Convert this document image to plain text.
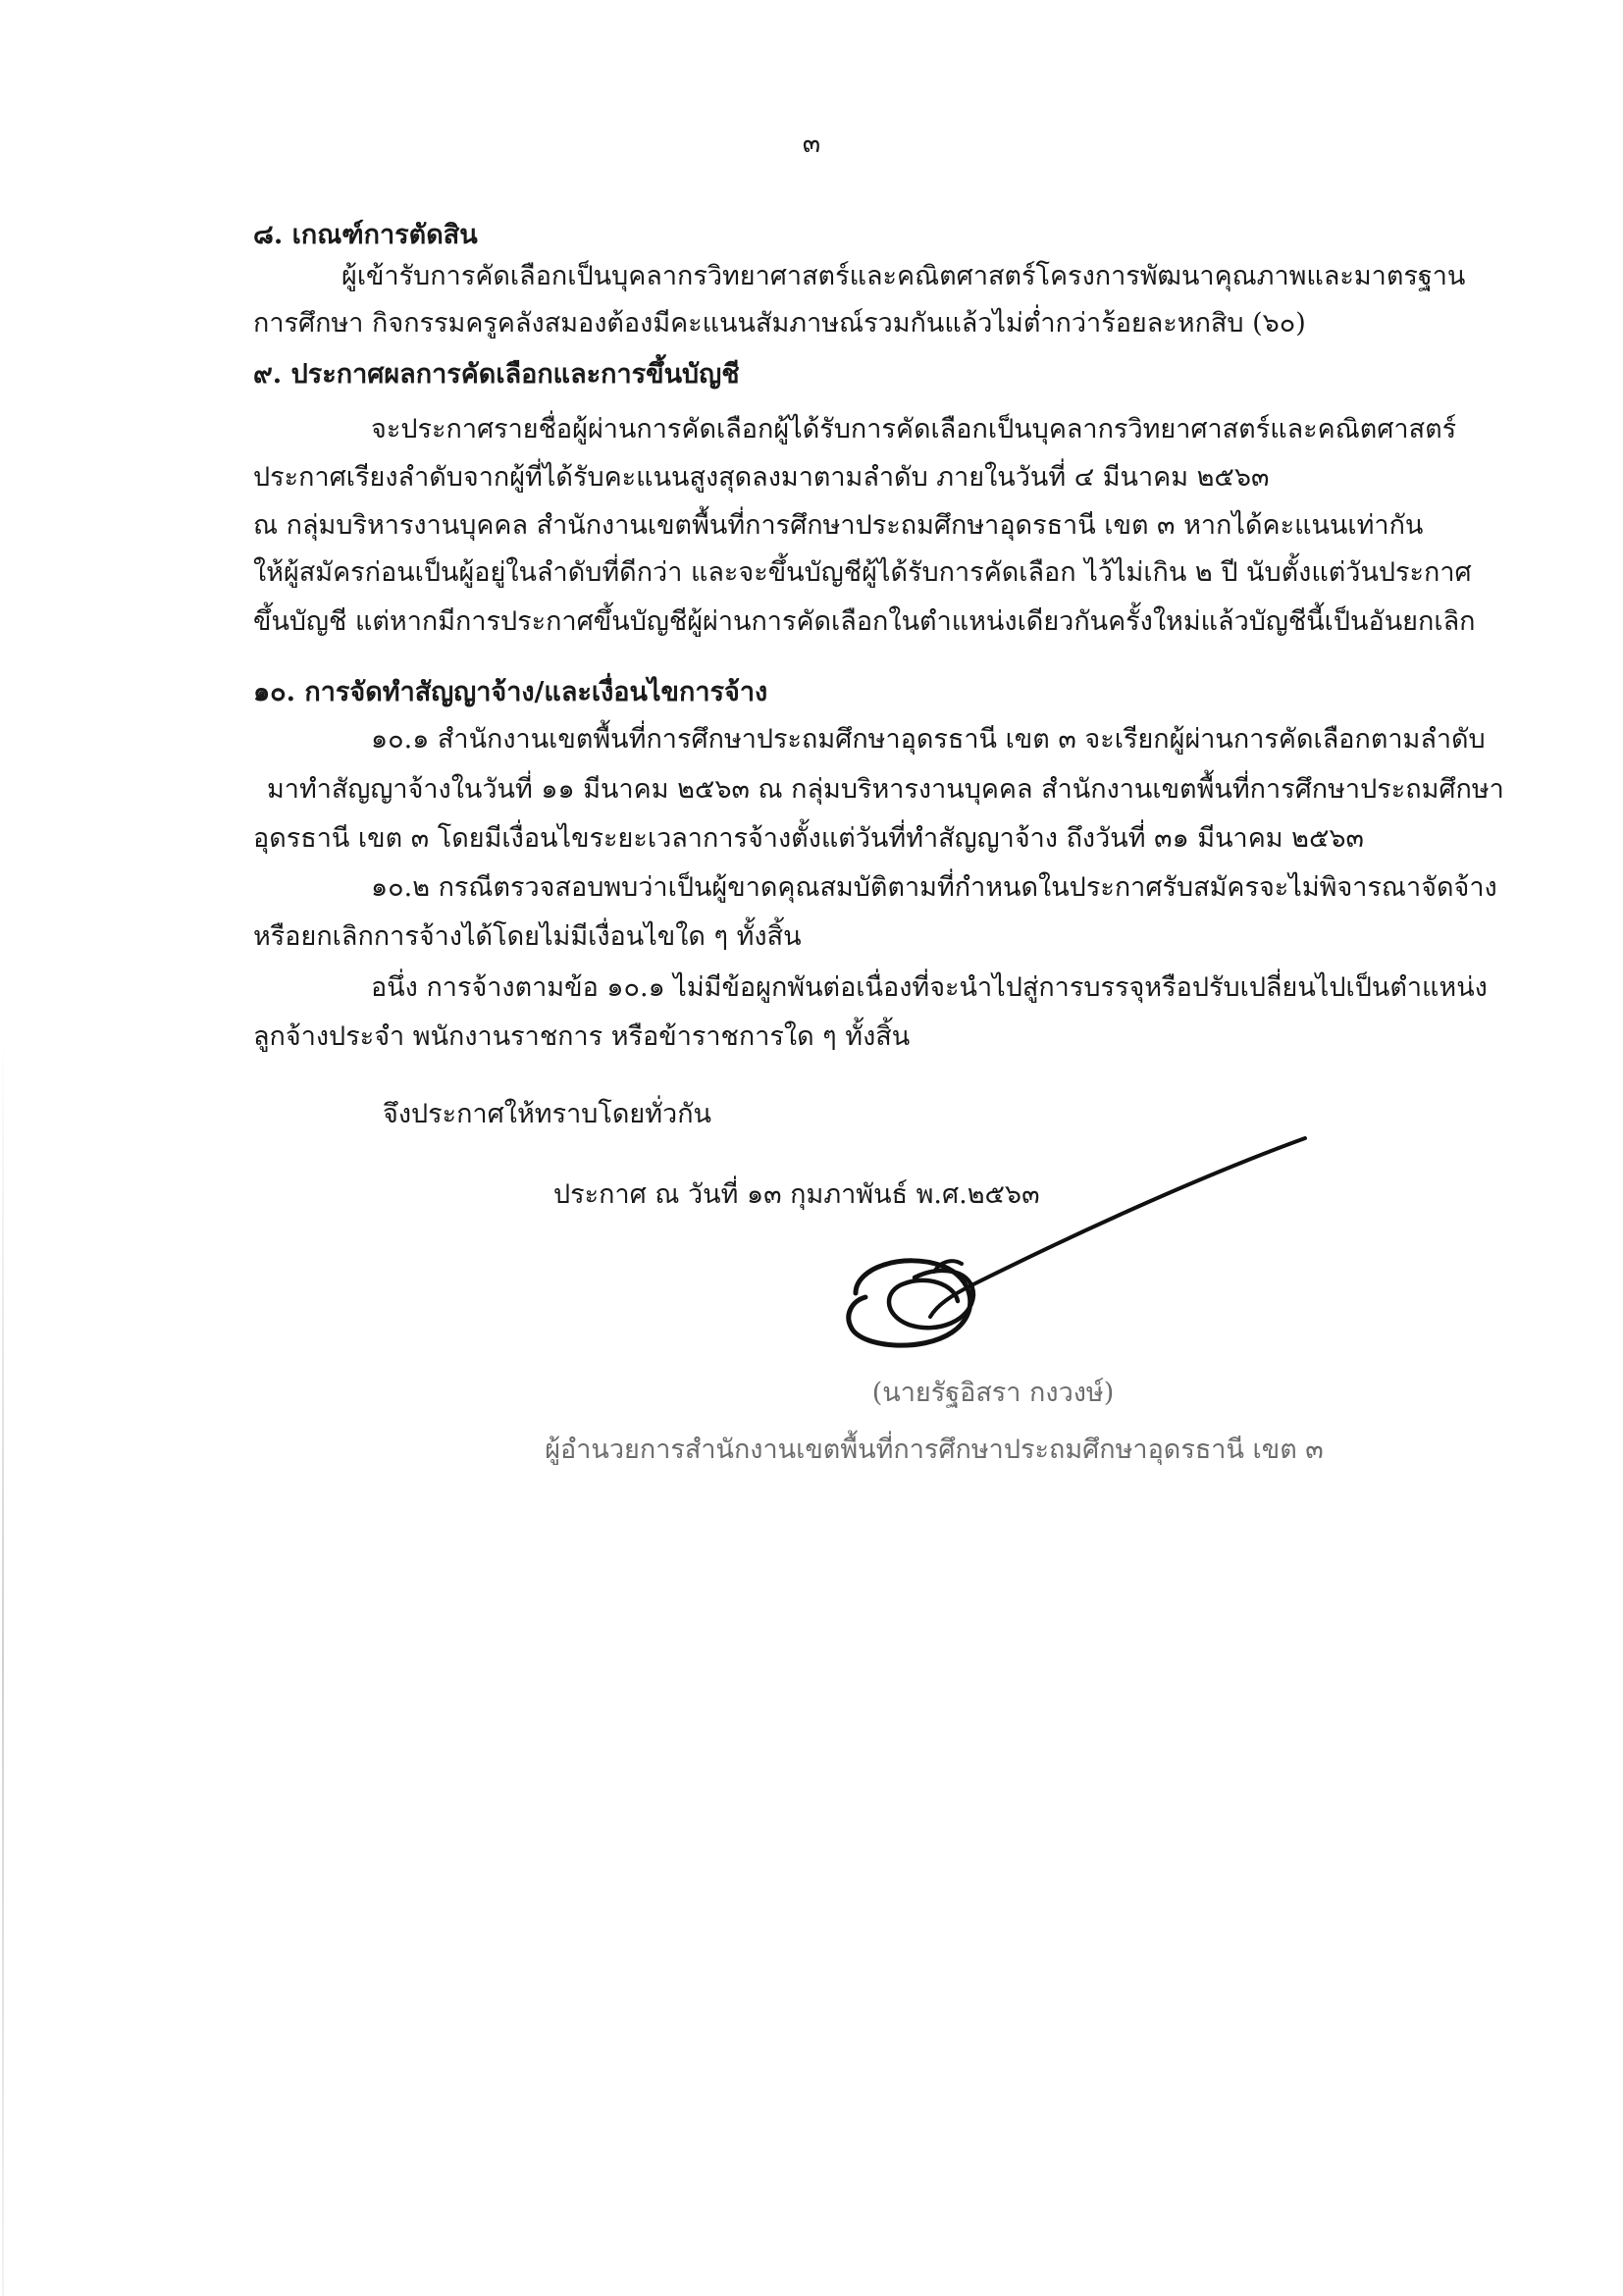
๓
๘. เกณฑ์การตัดสิน
ผู้เข้ารับการคัดเลือกเป็นบุคลากรวิทยาศาสตร์และคณิตศาสตร์โครงการพัฒนาคุณภาพและมาตรฐาน
การศึกษา กิจกรรมครูคลังสมองต้องมีคะแนนสัมภาษณ์รวมกันแล้วไม่ต่ำกว่าร้อยละหกสิบ (๖๐)
๙. ประกาศผลการคัดเลือกและการขึ้นบัญชี
จะประกาศรายชื่อผู้ผ่านการคัดเลือกผู้ได้รับการคัดเลือกเป็นบุคลากรวิทยาศาสตร์และคณิตศาสตร์
ประกาศเรียงลำดับจากผู้ที่ได้รับคะแนนสูงสุดลงมาตามลำดับ ภายในวันที่ ๔ มีนาคม ๒๕๖๓
ณ กลุ่มบริหารงานบุคคล สำนักงานเขตพื้นที่การศึกษาประถมศึกษาอุดรธานี เขต ๓ หากได้คะแนนเท่ากัน
ให้ผู้สมัครก่อนเป็นผู้อยู่ในลำดับที่ดีกว่า และจะขึ้นบัญชีผู้ได้รับการคัดเลือก ไว้ไม่เกิน ๒ ปี นับตั้งแต่วันประกาศ
ขึ้นบัญชี แต่หากมีการประกาศขึ้นบัญชีผู้ผ่านการคัดเลือกในตำแหน่งเดียวกันครั้งใหม่แล้วบัญชีนี้เป็นอันยกเลิก
๑๐. การจัดทำสัญญาจ้าง/และเงื่อนไขการจ้าง
๑๐.๑ สำนักงานเขตพื้นที่การศึกษาประถมศึกษาอุดรธานี เขต ๓ จะเรียกผู้ผ่านการคัดเลือกตามลำดับ
มาทำสัญญาจ้างในวันที่ ๑๑ มีนาคม ๒๕๖๓ ณ กลุ่มบริหารงานบุคคล สำนักงานเขตพื้นที่การศึกษาประถมศึกษา
อุดรธานี เขต ๓ โดยมีเงื่อนไขระยะเวลาการจ้างตั้งแต่วันที่ทำสัญญาจ้าง ถึงวันที่ ๓๑ มีนาคม ๒๕๖๓
๑๐.๒ กรณีตรวจสอบพบว่าเป็นผู้ขาดคุณสมบัติตามที่กำหนดในประกาศรับสมัครจะไม่พิจารณาจัดจ้าง
หรือยกเลิกการจ้างได้โดยไม่มีเงื่อนไขใด ๆ ทั้งสิ้น
อนึ่ง การจ้างตามข้อ ๑๐.๑ ไม่มีข้อผูกพันต่อเนื่องที่จะนำไปสู่การบรรจุหรือปรับเปลี่ยนไปเป็นตำแหน่ง
ลูกจ้างประจำ พนักงานราชการ หรือข้าราชการใด ๆ ทั้งสิ้น
จึงประกาศให้ทราบโดยทั่วกัน
ประกาศ ณ วันที่ ๑๓ กุมภาพันธ์ พ.ศ.๒๕๖๓
(นายรัฐอิสรา กงวงษ์)
ผู้อำนวยการสำนักงานเขตพื้นที่การศึกษาประถมศึกษาอุดรธานี เขต ๓
